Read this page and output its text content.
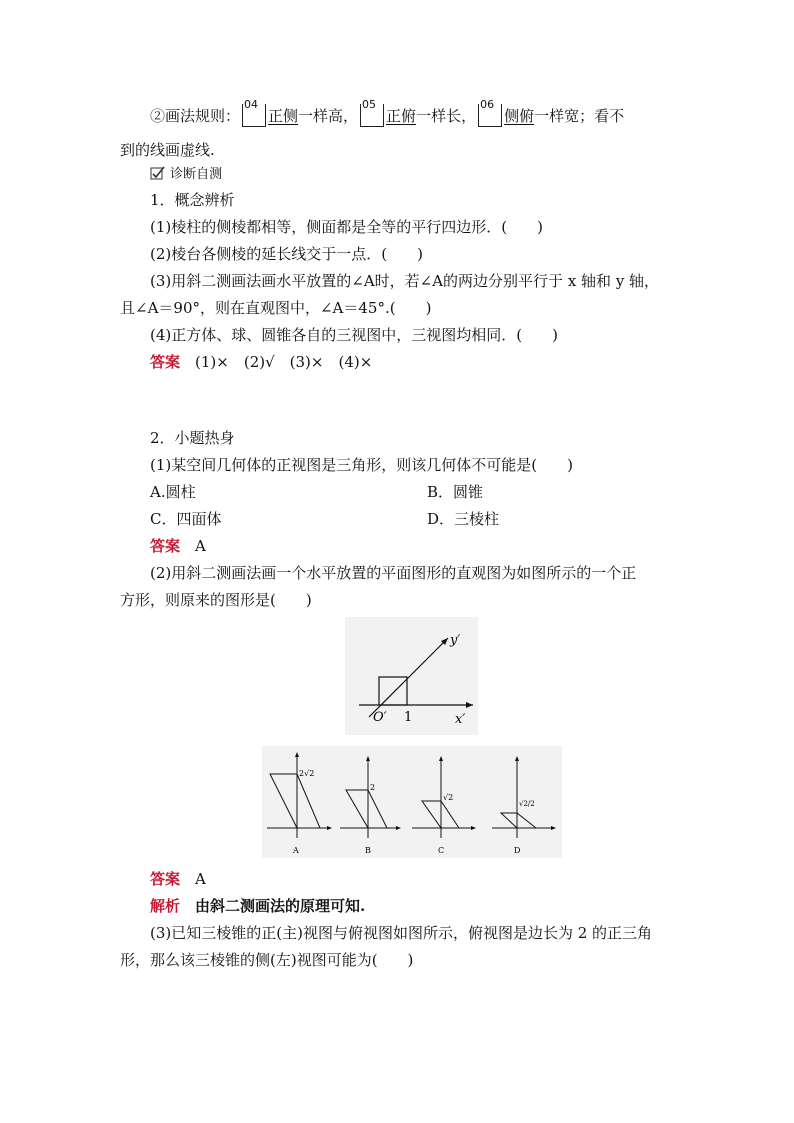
②画法规则：
04
正侧一样高，
05
正俯一样长，
06
侧俯一样宽；看不
到的线画虚线.
诊断自测
1．概念辨析
(1)棱柱的侧棱都相等，侧面都是全等的平行四边形．(　　)
(2)棱台各侧棱的延长线交于一点．(　　)
(3)用斜二测画法画水平放置的∠A时，若∠A的两边分别平行于 x 轴和 y 轴，
且∠A＝90°，则在直观图中，∠A＝45°.(　　)
(4)正方体、球、圆锥各自的三视图中，三视图均相同．(　　)
答案　 (1)×　(2)√　(3)×　(4)×
2．小题热身
(1)某空间几何体的正视图是三角形，则该几何体不可能是(　　)
A.圆柱	B．圆锥
C．四面体	D．三棱柱
答案　 A
(2)用斜二测画法画一个水平放置的平面图形的直观图为如图所示的一个正
方形，则原来的图形是(　　)
y′
O′ 1	x′
2√2
A
2
B
√2
C
√2/2
D
答案　 A
解析　 由斜二测画法的原理可知.
(3)已知三棱锥的正(主)视图与俯视图如图所示，俯视图是边长为 2 的正三角
形，那么该三棱锥的侧(左)视图可能为(　　)
